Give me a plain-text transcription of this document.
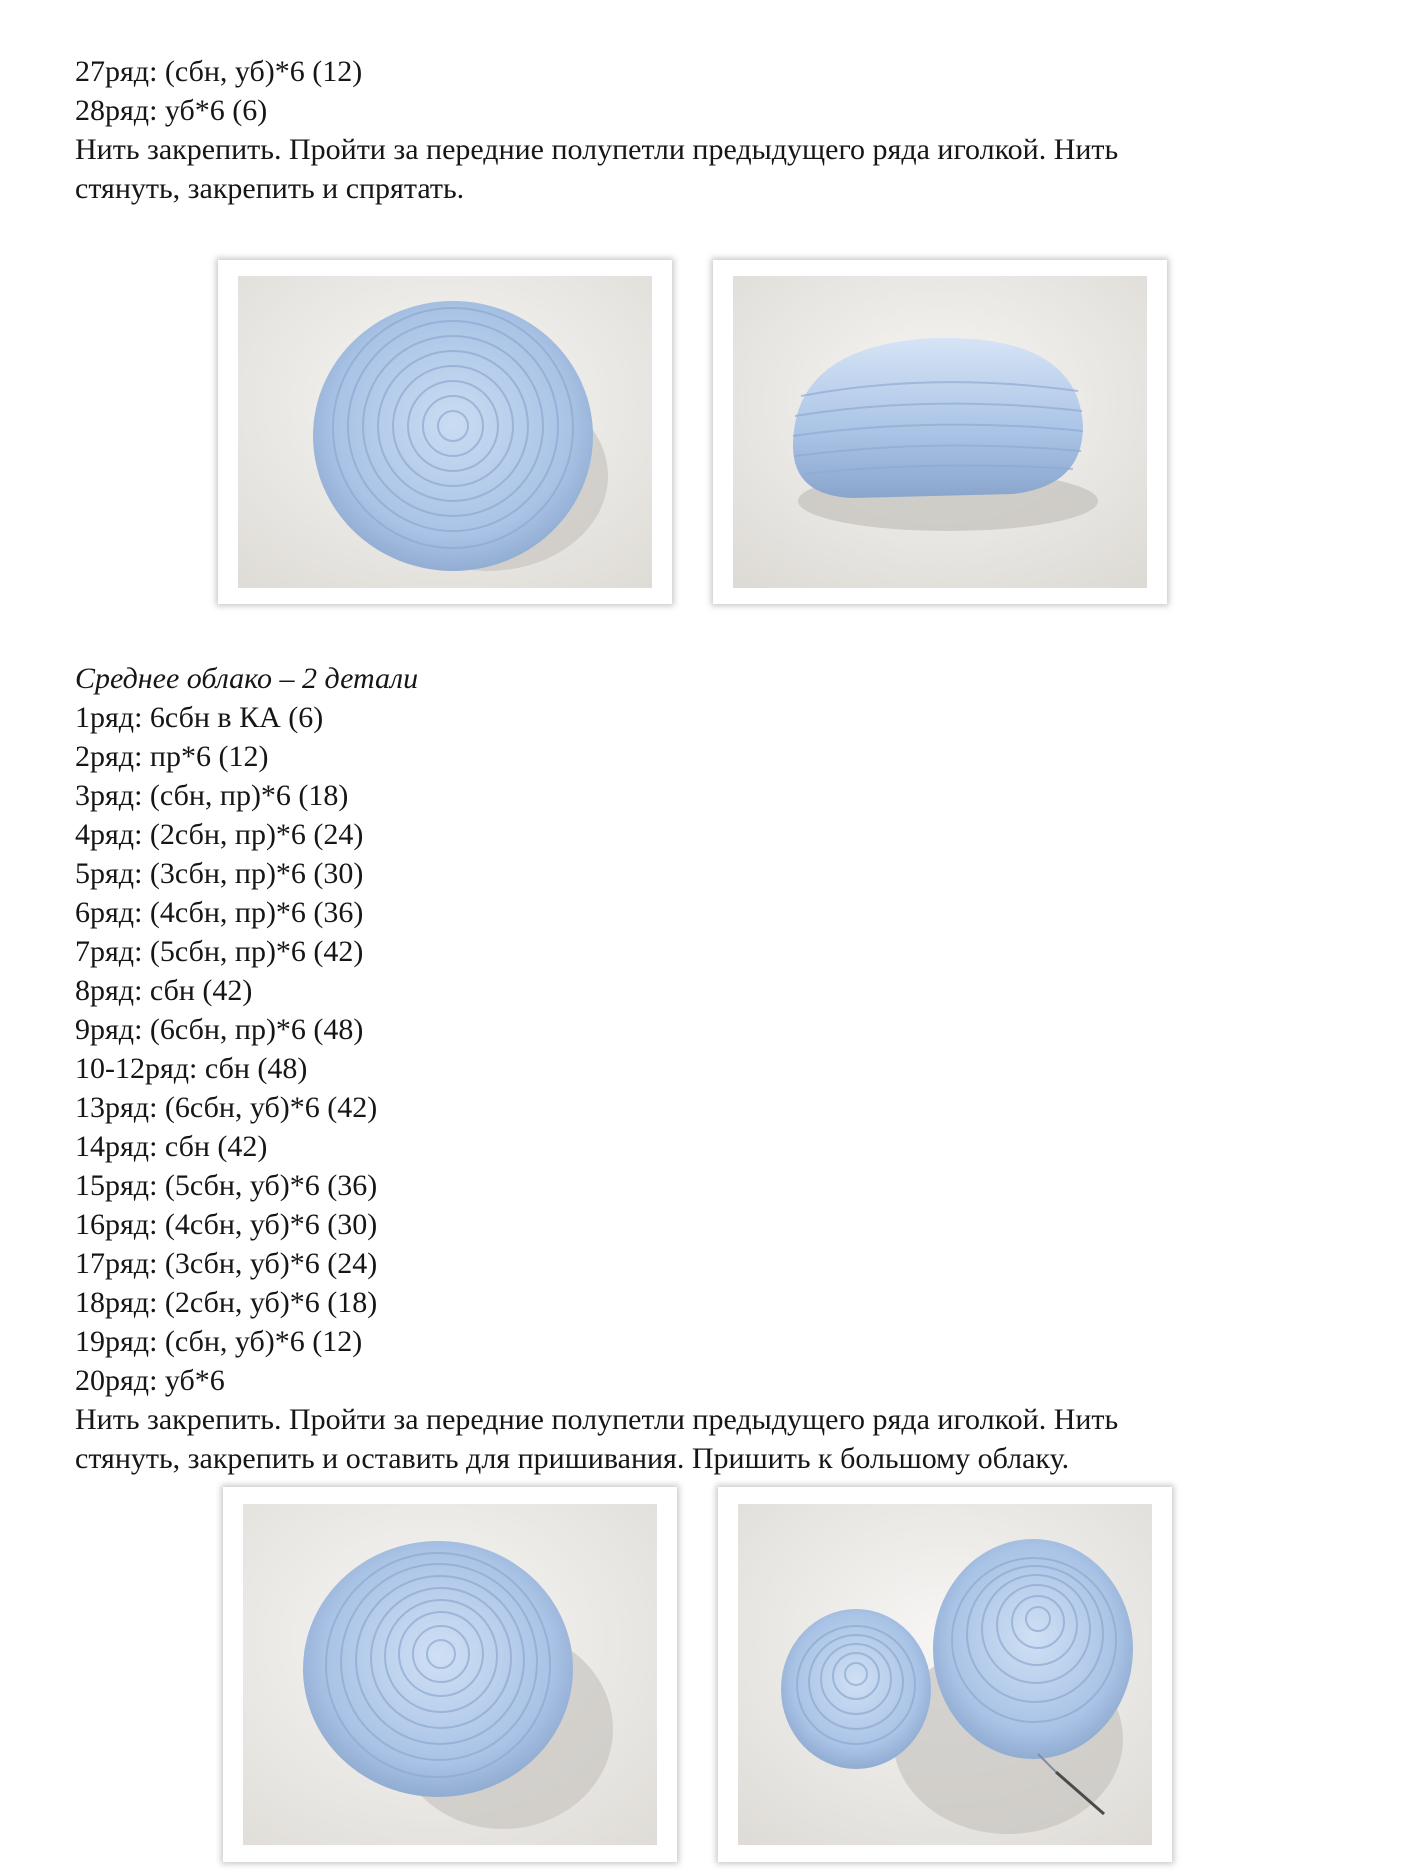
27ряд: (сбн, уб)*6 (12)
28ряд: уб*6 (6)
Нить закрепить. Пройти за передние полупетли предыдущего ряда иголкой. Нить
стянуть, закрепить и спрятать.
Среднее облако – 2 детали
1ряд: 6сбн в КА (6)
2ряд: пр*6 (12)
3ряд: (сбн, пр)*6 (18)
4ряд: (2сбн, пр)*6 (24)
5ряд: (3сбн, пр)*6 (30)
6ряд: (4сбн, пр)*6 (36)
7ряд: (5сбн, пр)*6 (42)
8ряд: сбн (42)
9ряд: (6сбн, пр)*6 (48)
10-12ряд: сбн (48)
13ряд: (6сбн, уб)*6 (42)
14ряд: сбн (42)
15ряд: (5сбн, уб)*6 (36)
16ряд: (4сбн, уб)*6 (30)
17ряд: (3сбн, уб)*6 (24)
18ряд: (2сбн, уб)*6 (18)
19ряд: (сбн, уб)*6 (12)
20ряд: уб*6
Нить закрепить. Пройти за передние полупетли предыдущего ряда иголкой. Нить
стянуть, закрепить и оставить для пришивания. Пришить к большому облаку.
